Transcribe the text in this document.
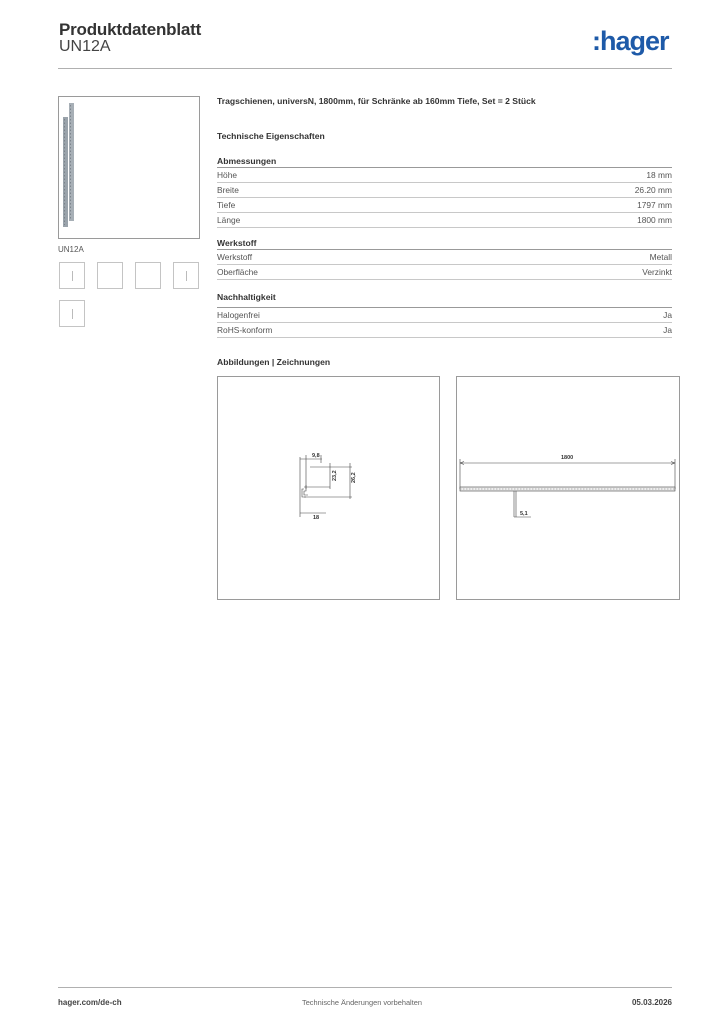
Produktdatenblatt
UN12A	:hager
UN12A
Tragschienen, universN, 1800mm, für Schränke ab 160mm Tiefe, Set = 2 Stück
Technische Eigenschaften
Abmessungen
Höhe	18 mm
Breite	26.20 mm
Tiefe	1797 mm
Länge	1800 mm
Werkstoff
Werkstoff	Metall
Oberfläche	Verzinkt
Nachhaltigkeit
Halogenfrei	Ja
RoHS-konform	Ja
Abbildungen | Zeichnungen
9,8
23,2 26,2
18
1800
5,1
hager.com/de-ch	Technische Änderungen vorbehalten	05.03.2026
